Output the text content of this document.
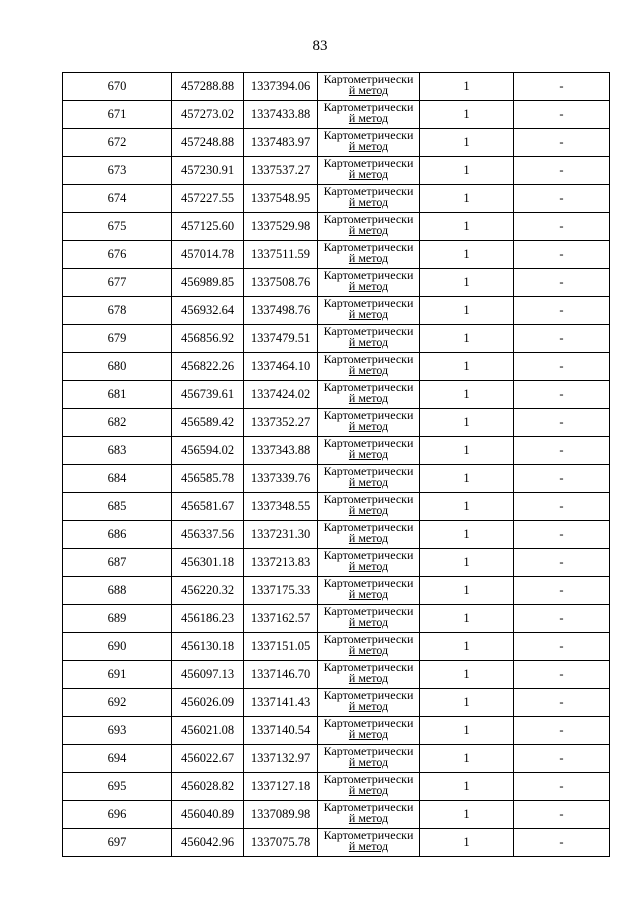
83
670	457288.88	1337394.06	Картометрически
й метод	1	-
671	457273.02	1337433.88	Картометрически
й метод	1	-
672	457248.88	1337483.97	Картометрически
й метод	1	-
673	457230.91	1337537.27	Картометрически
й метод	1	-
674	457227.55	1337548.95	Картометрически
й метод	1	-
675	457125.60	1337529.98	Картометрически
й метод	1	-
676	457014.78	1337511.59	Картометрически
й метод	1	-
677	456989.85	1337508.76	Картометрически
й метод	1	-
678	456932.64	1337498.76	Картометрически
й метод	1	-
679	456856.92	1337479.51	Картометрически
й метод	1	-
680	456822.26	1337464.10	Картометрически
й метод	1	-
681	456739.61	1337424.02	Картометрически
й метод	1	-
682	456589.42	1337352.27	Картометрически
й метод	1	-
683	456594.02	1337343.88	Картометрически
й метод	1	-
684	456585.78	1337339.76	Картометрически
й метод	1	-
685	456581.67	1337348.55	Картометрически
й метод	1	-
686	456337.56	1337231.30	Картометрически
й метод	1	-
687	456301.18	1337213.83	Картометрически
й метод	1	-
688	456220.32	1337175.33	Картометрически
й метод	1	-
689	456186.23	1337162.57	Картометрически
й метод	1	-
690	456130.18	1337151.05	Картометрически
й метод	1	-
691	456097.13	1337146.70	Картометрически
й метод	1	-
692	456026.09	1337141.43	Картометрически
й метод	1	-
693	456021.08	1337140.54	Картометрически
й метод	1	-
694	456022.67	1337132.97	Картометрически
й метод	1	-
695	456028.82	1337127.18	Картометрически
й метод	1	-
696	456040.89	1337089.98	Картометрически
й метод	1	-
697	456042.96	1337075.78	Картометрически
й метод	1	-
